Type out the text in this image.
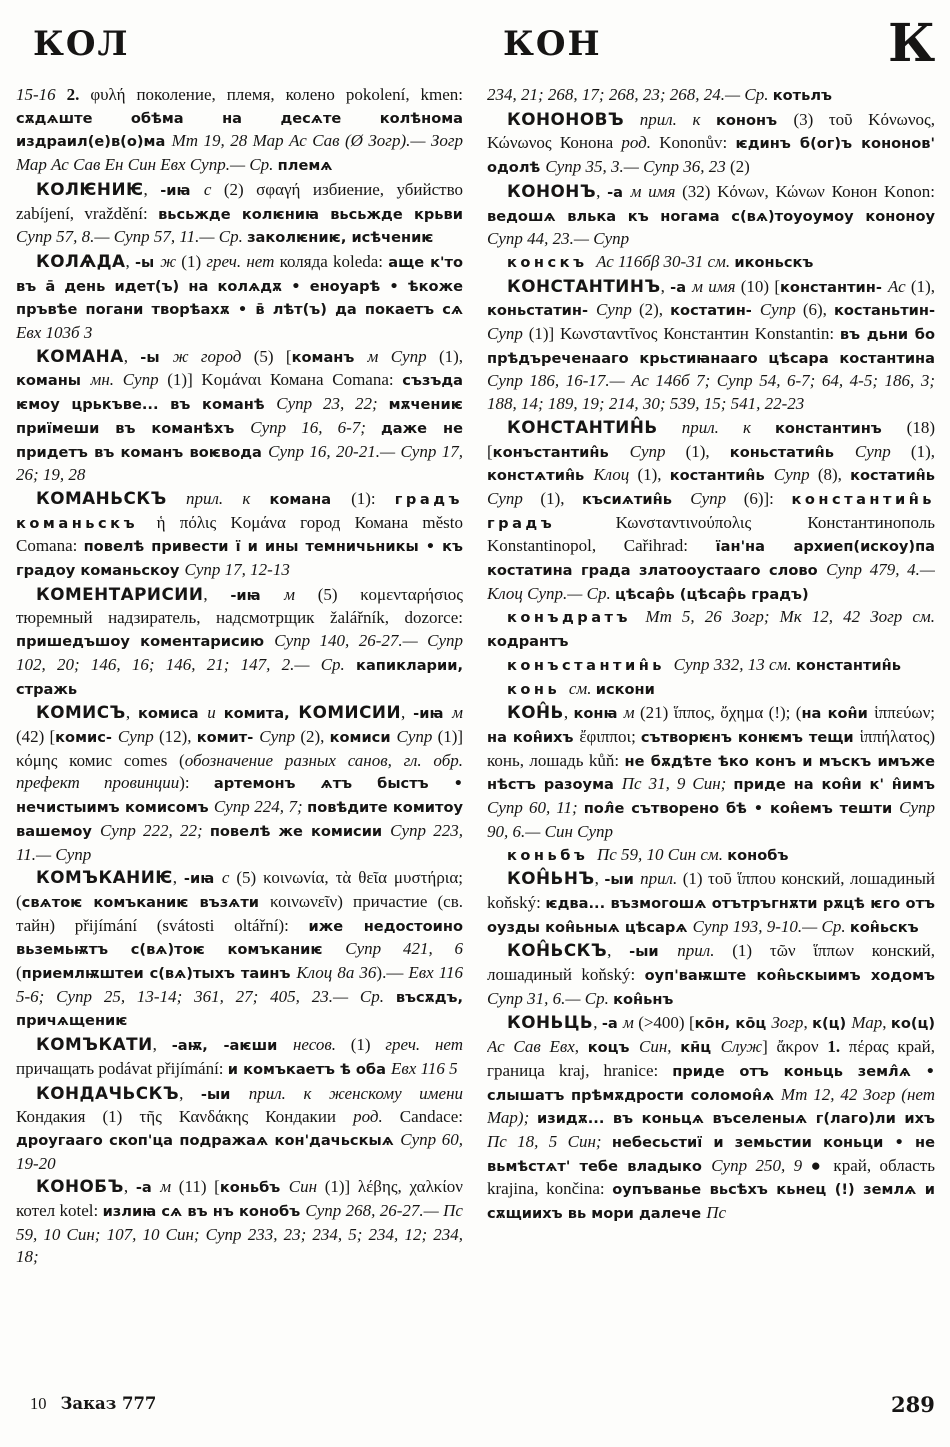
КОЛ	КОН	К

15-16 2. φυλή поколение, племя, колено pokolení, kmen: сѫдѧште обѣма на десѧте колѣнома издраил(е)в(о)ма Мт 19, 28 Мар Ас Сав (Ø Зогр).— Зогр Мар Ас Сав Ен Син Евх Супр.— Ср. племѧ

КОЛѤНИѤ, -иꙗ с (2) σφαγή избиение, убийство zabíjení, vraždění: вьсьжде колѥниꙗ вьсьжде крьви Супр 57, 8.— Супр 57, 11.— Ср. заколѥниѥ, исѣчениѥ

КОЛѦДА, -ы ж (1) греч. нет коляда koleda: аще к'то въ а̄ день идет(ъ) на колѧдѫ • еноуарѣ • ѣкоже пръвѣе погани творѣахѫ • в̄ лѣт(ъ) да покаетъ сѧ Евх 103б 3

КОМАНА, -ы ж город (5) [команъ м Супр (1), команы мн. Супр (1)] Κομάναι Комана Comana: съзъда ѥмоу црькъве... въ команѣ Супр 23, 22; мѫчениѥ приїмеши въ команѣхъ Супр 16, 6-7; даже не придетъ въ команъ воѥвода Супр 16, 20-21.— Супр 17, 26; 19, 28

КОМАНЬСКЪ прил. к комана (1): градъ команьскъ ἡ πόλις Κομάνα город Комана město Comana: повелѣ привести ї и ины темничьникы • къ градоу команьскоу Супр 17, 12-13

КОМЕНТАРИСИИ, -иꙗ м (5) κομενταρήσιος тюремный надзиратель, надсмотрщик žalářník, dozorce: пришедъшоу коментарисию Супр 140, 26-27.— Супр 102, 20; 146, 16; 146, 21; 147, 2.— Ср. капикларии, стражь

КОМИСЪ, комиса и комита, КОМИСИИ, -иꙗ м (42) [комис- Супр (12), комит- Супр (2), комиси Супр (1)] κόμης комис comes (обозначение разных санов, гл. обр. префект провинции): артемонъ ѧтъ быстъ • нечистыимъ комисомъ Супр 224, 7; повѣдите комитоу вашемоу Супр 222, 22; повелѣ же комисии Супр 223, 11.— Супр

КОМЪКАНИѤ, -иꙗ с (5) κοινωνία, τὰ θεῖα μυστήρια; (свѧтоѥ комъканиѥ възѧти κοινωνεῖν) причастие (св. тайн) přijímání (svátosti oltářní): иже недостоино вьземьѭтъ с(вѧ)тоѥ комъканиѥ Супр 421, 6 (приемлѭштеи с(вѧ)тыхъ таинъ Клоц 8а 36).— Евх 116 5-6; Супр 25, 13-14; 361, 27; 405, 23.— Ср. въсѫдъ, причѧщениѥ

КОМЪКАТИ, -аѭ, -аѥши несов. (1) греч. нет причащать podávat přijímání: и комъкаетъ ѣ оба Евх 116 5

КОНДАЧЬСКЪ, -ыи прил. к женскому имени Кондакия (1) τῆς Κανδάκης Кондакии род. Candace: дроугааго скоп'ца подражаѧ кон'дачьскыѧ Супр 60, 19-20

КОНОБЪ, -а м (11) [коньбъ Син (1)] λέβης, χαλκίον котел kotel: излиꙗ сѧ въ нъ конобъ Супр 268, 26-27.— Пс 59, 10 Син; 107, 10 Син; Супр 233, 23; 234, 5; 234, 12; 234, 18;

234, 21; 268, 17; 268, 23; 268, 24.— Ср. котьлъ

КОНОНОВЪ прил. к кононъ (3) τοῦ Κόνωνος, Κώνωνος Конона род. Kononův: ѥдинъ б(ог)ъ кононов' одолѣ Супр 35, 3.— Супр 36, 23 (2)

КОНОНЪ, -а м имя (32) Κόνων, Κώνων Конон Konon: ведошѧ влька къ ногама с(вѧ)тоуоумоу кононоу Супр 44, 23.— Супр

конскъ Ас 116бβ 30-31 см. иконьскъ

КОНСТАНТИНЪ, -а м имя (10) [константин- Ас (1), коньстатин- Супр (2), костатин- Супр (6), костаньтин- Супр (1)] Κωνσταντῖνος Константин Konstantin: въ дьни бо прѣдъреченааго крьстиꙗнааго цѣсара костантина Супр 186, 16-17.— Ас 146б 7; Супр 54, 6-7; 64, 4-5; 186, 3; 188, 14; 189, 19; 214, 30; 539, 15; 541, 22-23

КОНСТАНТИН̂Ь прил. к константинъ (18) [конъстантин̂ь Супр (1), коньстатин̂ь Супр (1), констѧтин̂ь Клоц (1), костантин̂ь Супр (8), костатин̂ь Супр (1), късиѧтин̂ь Супр (6)]: константин̂ь градъ Κωνσταντινούπολις Константинополь Konstantinopol, Cařihrad: їан'на архиеп(искоу)па костатина града златооустааго слово Супр 479, 4.— Клоц Супр.— Ср. цѣсар̂ь (цѣсар̂ь градъ)

конъдратъ Мт 5, 26 Зогр; Мк 12, 42 Зогр см. кодрантъ

конъстантин̂ь Супр 332, 13 см. константин̂ь

конь см. искони

КОН̂Ь, конꙗ м (21) ἵππος, ὄχημα (!); (на кон̂и ἱππεύων; на кон̂ихъ ἔφιπποι; сътворѥнъ конѥмъ тещи ἱππήλατος) конь, лошадь kůň: не бѫдѣте ѣко конъ и мъскъ имъже нѣстъ разоума Пс 31, 9 Син; приде на кон̂и к' н̂имъ Супр 60, 11; пол̂е сътворено бѣ • кон̂емъ тешти Супр 90, 6.— Син Супр

коньбъ Пс 59, 10 Син см. конобъ

КОН̂ЬНЪ, -ыи прил. (1) τοῦ ἵππου конский, лошадиный koňský: ѥдва... възмогошѧ отътръгнѫти рѫцѣ ѥго отъ оузды кон̂ьныѧ цѣсарѧ Супр 193, 9-10.— Ср. кон̂ьскъ

КОН̂ЬСКЪ, -ыи прил. (1) τῶν ἵππων конский, лошадиный koňský: оуп'ваѭште кон̂ьскыимъ ходомъ Супр 31, 6.— Ср. кон̂ьнъ

КОНЬЦЬ, -а м (>400) [ко̄н, ко̄ц Зогр, к(ц) Мар, ко(ц) Ас Сав Евх, коцъ Син, кн̄ц Служ] ἄκρον 1. πέρας край, граница kraj, hranice: приде отъ коньць земл̂ѧ • слышатъ прѣмѫдрости соломон̂ѧ Мт 12, 42 Зогр (нет Мар); изидѫ... въ коньцѧ въселеныѧ г(лаго)ли ихъ Пс 18, 5 Син; небесьстиї и земьстии коньци • не вьмѣстѧт' тебе владыко Супр 250, 9 ● край, область krajina, končina: оупъванье вьсѣхъ кьнец (!) землѧ и сѫщиихъ вь мори далече Пс

10 Заказ 777	289
